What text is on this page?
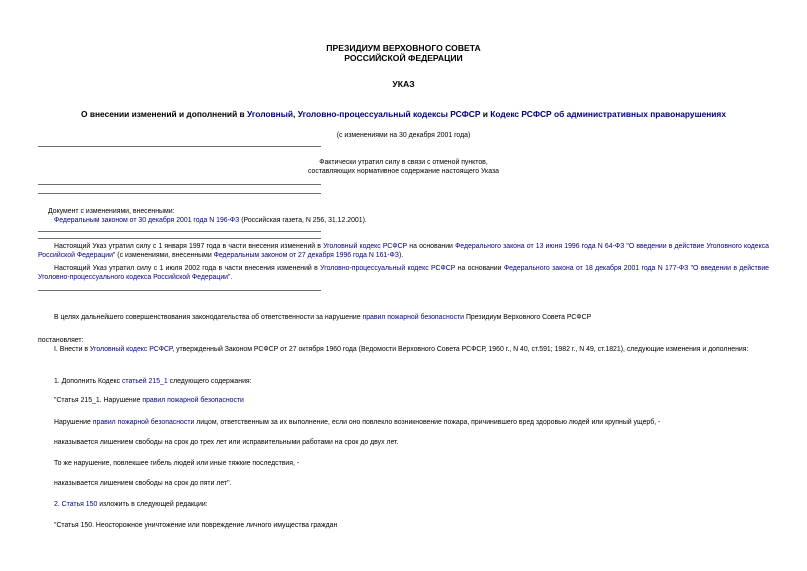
ПРЕЗИДИУМ ВЕРХОВНОГО СОВЕТА
РОССИЙСКОЙ ФЕДЕРАЦИИ
УКАЗ
О внесении изменений и дополнений в Уголовный, Уголовно-процессуальный кодексы РСФСР и Кодекс РСФСР об административных правонарушениях
(с изменениями на 30 декабря 2001 года)
Фактически утратил силу в связи с отменой пунктов,
составляющих нормативное содержание настоящего Указа
Документ с изменениями, внесенными:
Федеральным законом от 30 декабря 2001 года N 196-ФЗ (Российская газета, N 256, 31.12.2001).
Настоящий Указ утратил силу с 1 января 1997 года в части внесения изменений в Уголовный кодекс РСФСР на основании Федерального закона от 13 июня 1996 года N 64-ФЗ "О введении в действие Уголовного кодекса Российской Федерации" (с изменениями, внесенными Федеральным законом от 27 декабря 1996 года N 161-ФЗ).
Настоящий Указ утратил силу с 1 июля 2002 года в части внесения изменений в Уголовно-процессуальный кодекс РСФСР на основании Федерального закона от 18 декабря 2001 года N 177-ФЗ "О введении в действие Уголовно-процессуального кодекса Российской Федерации".
В целях дальнейшего совершенствования законодательства об ответственности за нарушение правил пожарной безопасности Президиум Верховного Совета РСФСР
постановляет:
I. Внести в Уголовный кодекс РСФСР, утвержденный Законом РСФСР от 27 октября 1960 года (Ведомости Верховного Совета РСФСР, 1960 г., N 40, ст.591; 1982 г., N 49, ст.1821), следующие изменения и дополнения:
1. Дополнить Кодекс статьей 215_1 следующего содержания:
"Статья 215_1. Нарушение правил пожарной безопасности
Нарушение правил пожарной безопасности лицом, ответственным за их выполнение, если оно повлекло возникновение пожара, причинившего вред здоровью людей или крупный ущерб, -
наказывается лишением свободы на срок до трех лет или исправительными работами на срок до двух лет.
То же нарушение, повлекшее гибель людей или иные тяжкие последствия, -
наказывается лишением свободы на срок до пяти лет".
2. Статья 150 изложить в следующей редакции:
"Статья 150. Неосторожное уничтожение или повреждение личного имущества граждан
